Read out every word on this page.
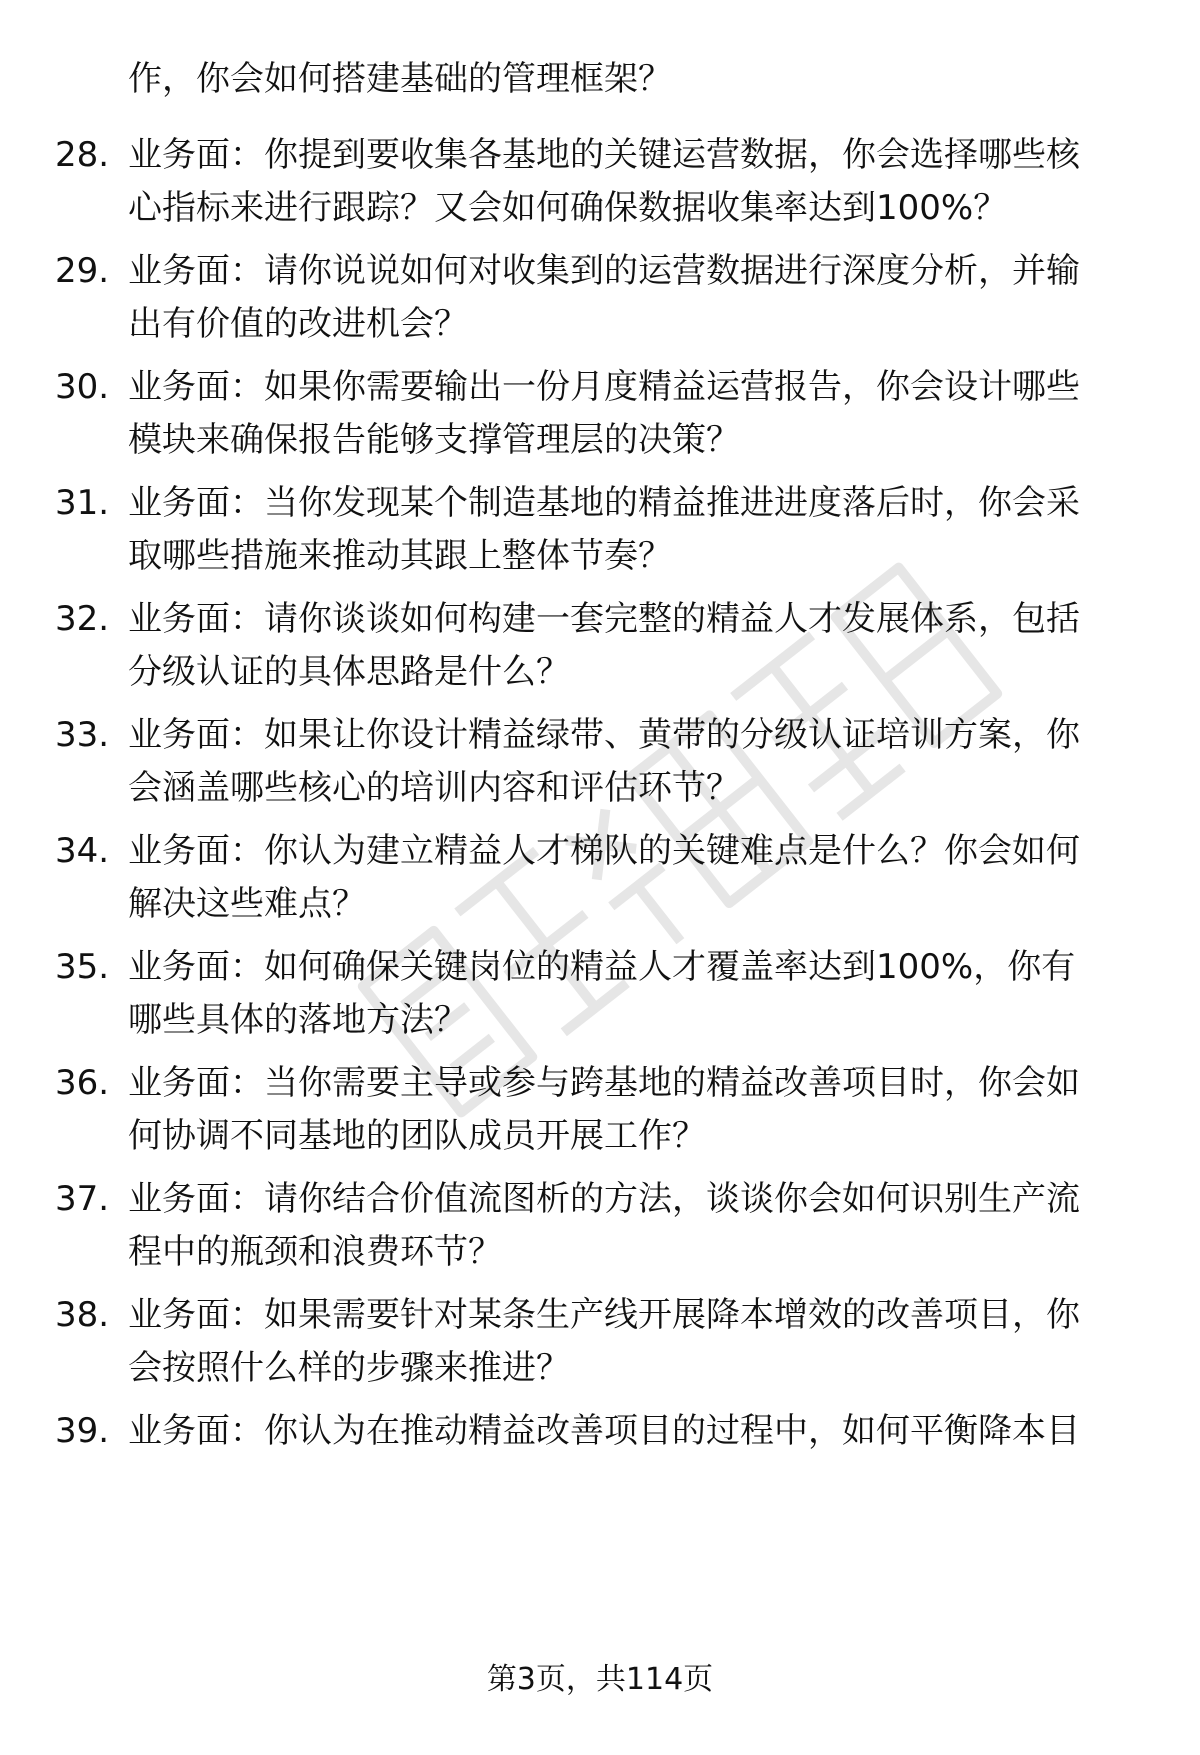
作，你会如何搭建基础的管理框架？
28. 业务面：你提到要收集各基地的关键运营数据，你会选择哪些核
心指标来进行跟踪？又会如何确保数据收集率达到100%？
29. 业务面：请你说说如何对收集到的运营数据进行深度分析，并输
出有价值的改进机会？
30. 业务面：如果你需要输出一份月度精益运营报告，你会设计哪些
模块来确保报告能够支撑管理层的决策？
31. 业务面：当你发现某个制造基地的精益推进进度落后时，你会采
取哪些措施来推动其跟上整体节奏？
32. 业务面：请你谈谈如何构建一套完整的精益人才发展体系，包括
分级认证的具体思路是什么？
33. 业务面：如果让你设计精益绿带、黄带的分级认证培训方案，你
会涵盖哪些核心的培训内容和评估环节？
34. 业务面：你认为建立精益人才梯队的关键难点是什么？你会如何
解决这些难点？
35. 业务面：如何确保关键岗位的精益人才覆盖率达到100%，你有
哪些具体的落地方法？
36. 业务面：当你需要主导或参与跨基地的精益改善项目时，你会如
何协调不同基地的团队成员开展工作？
37. 业务面：请你结合价值流图析的方法，谈谈你会如何识别生产流
程中的瓶颈和浪费环节？
38. 业务面：如果需要针对某条生产线开展降本增效的改善项目，你
会按照什么样的步骤来推进？
39. 业务面：你认为在推动精益改善项目的过程中，如何平衡降本目
第3页，共114页
